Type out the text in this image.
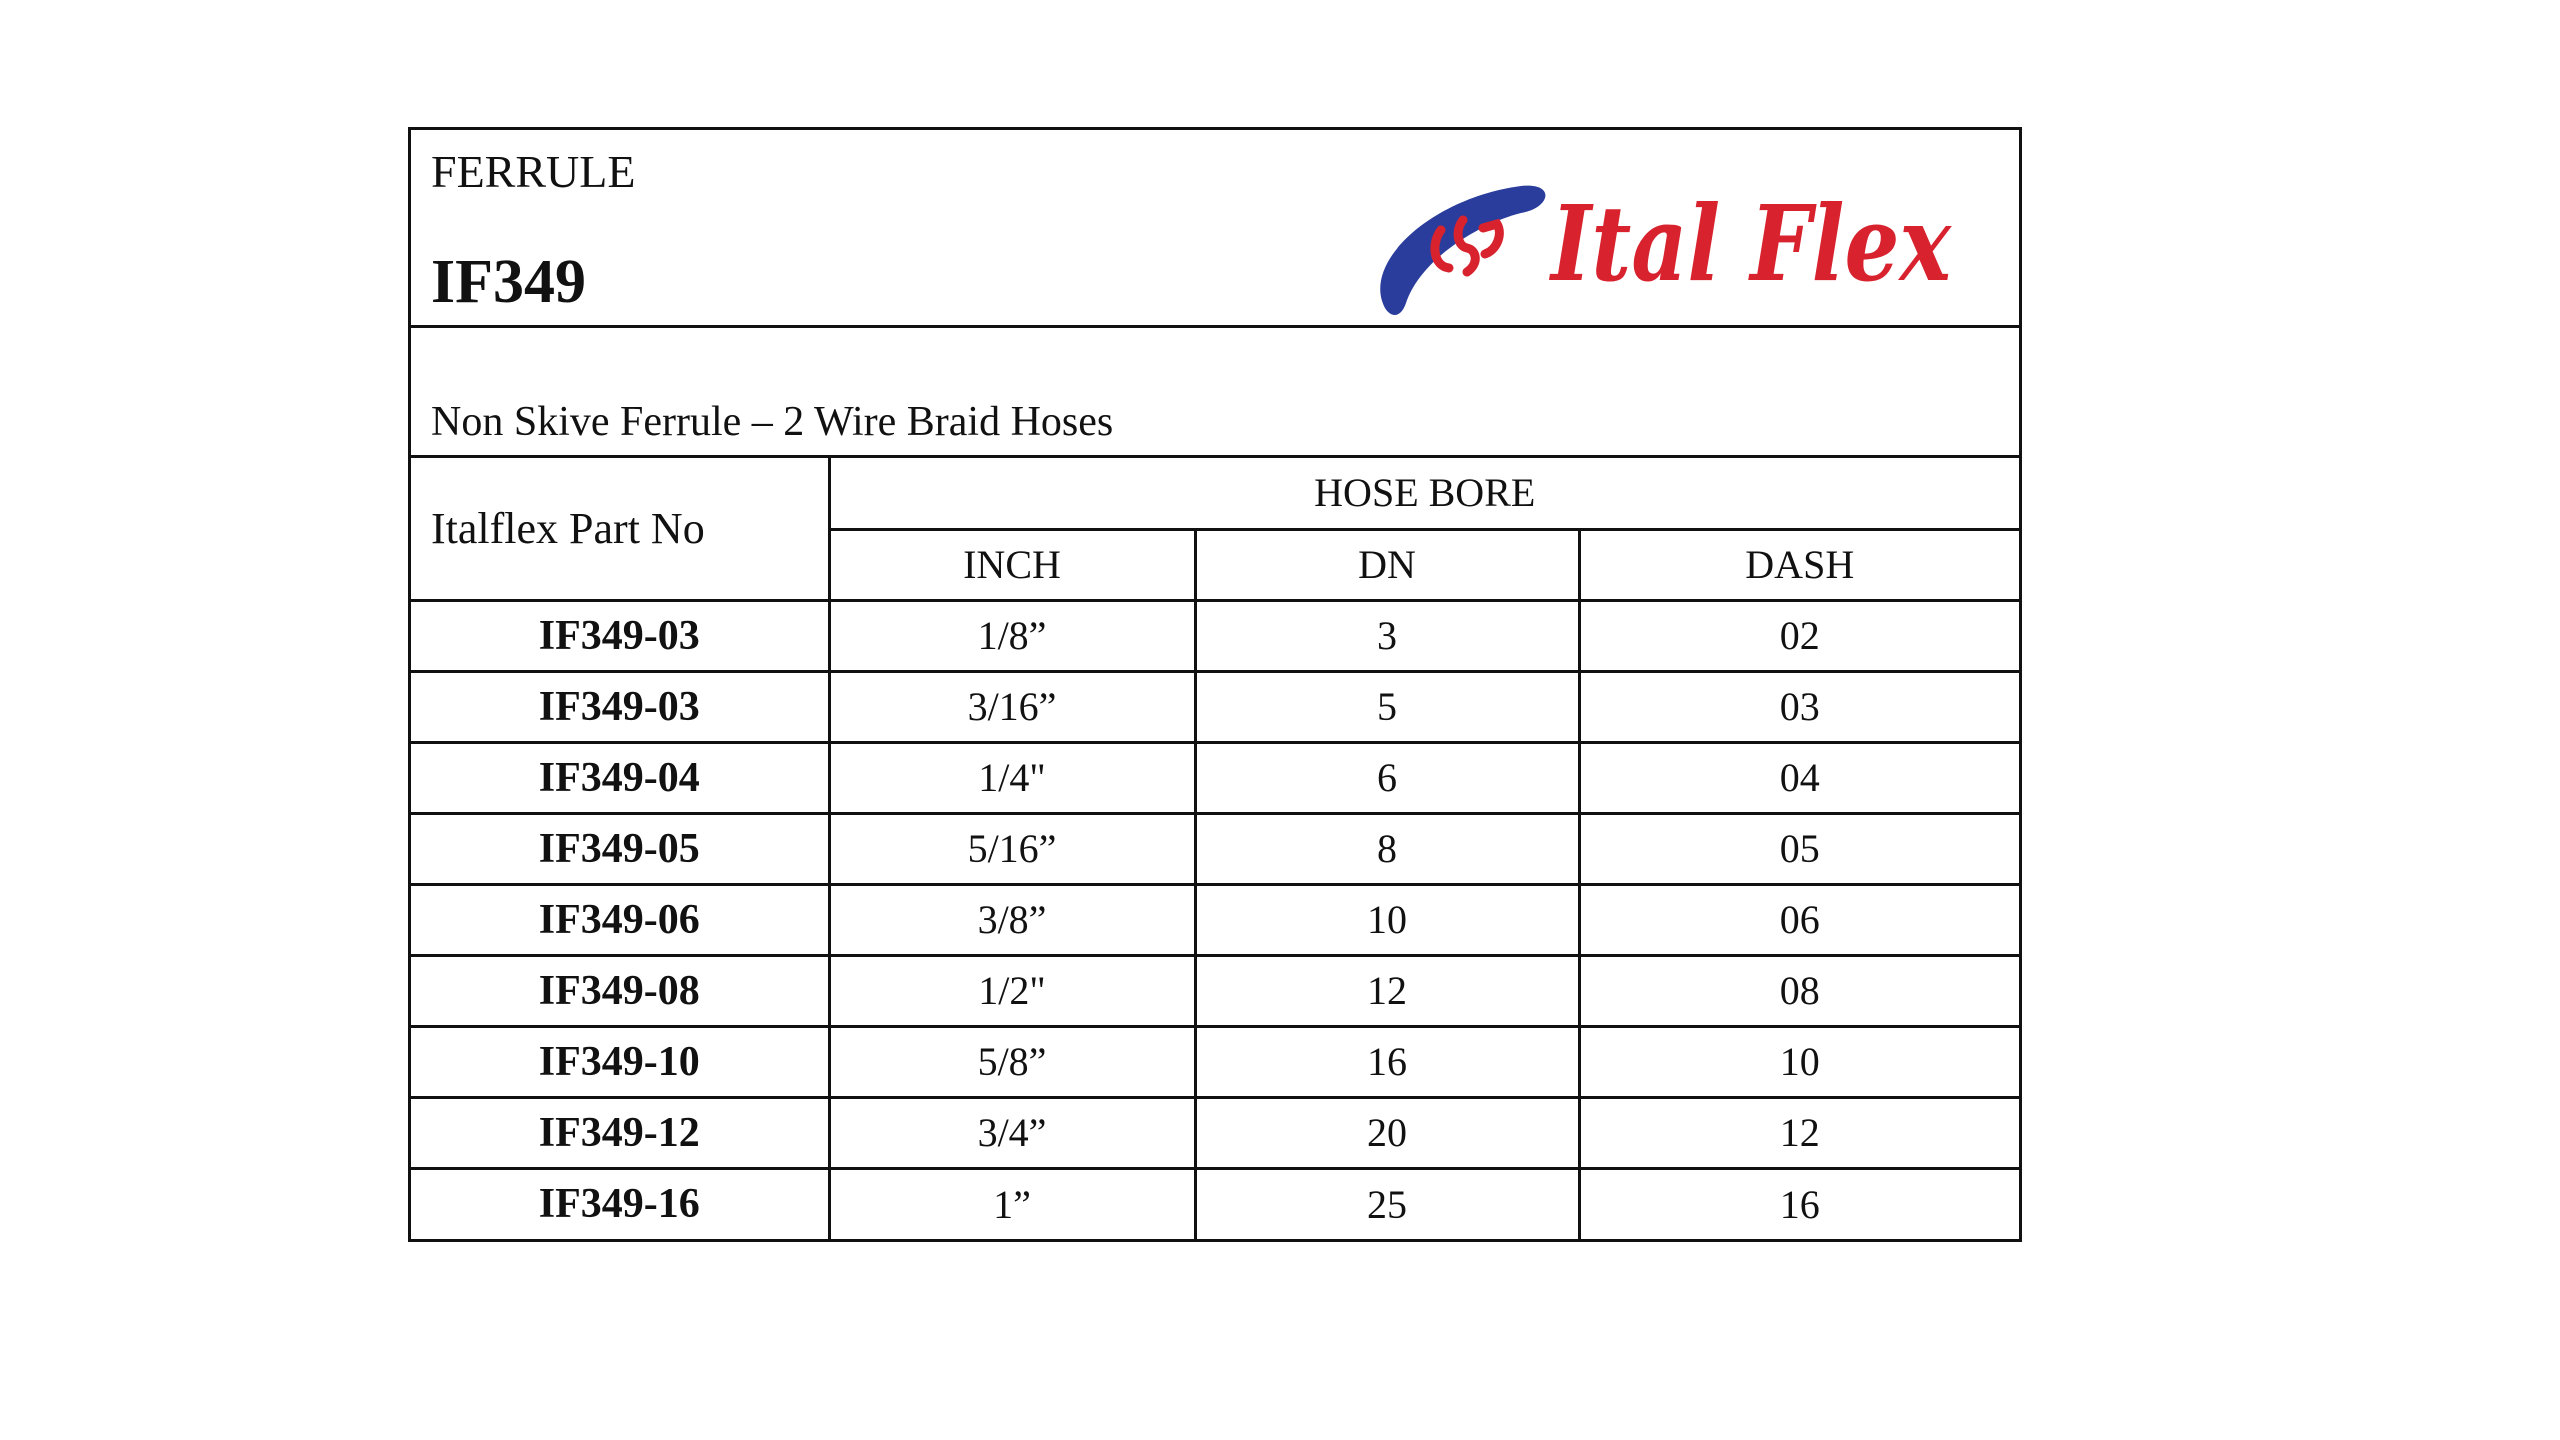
FERRULE
IF349	Ital Flex
Non Skive Ferrule – 2 Wire Braid Hoses
Italflex Part No	HOSE BORE		
	INCH	DN	DASH
IF349-03	1/8”	3	02
IF349-03	3/16”	5	03
IF349-04	1/4"	6	04
IF349-05	5/16”	8	05
IF349-06	3/8”	10	06
IF349-08	1/2"	12	08
IF349-10	5/8”	16	10
IF349-12	3/4”	20	12
IF349-16	1”	25	16
